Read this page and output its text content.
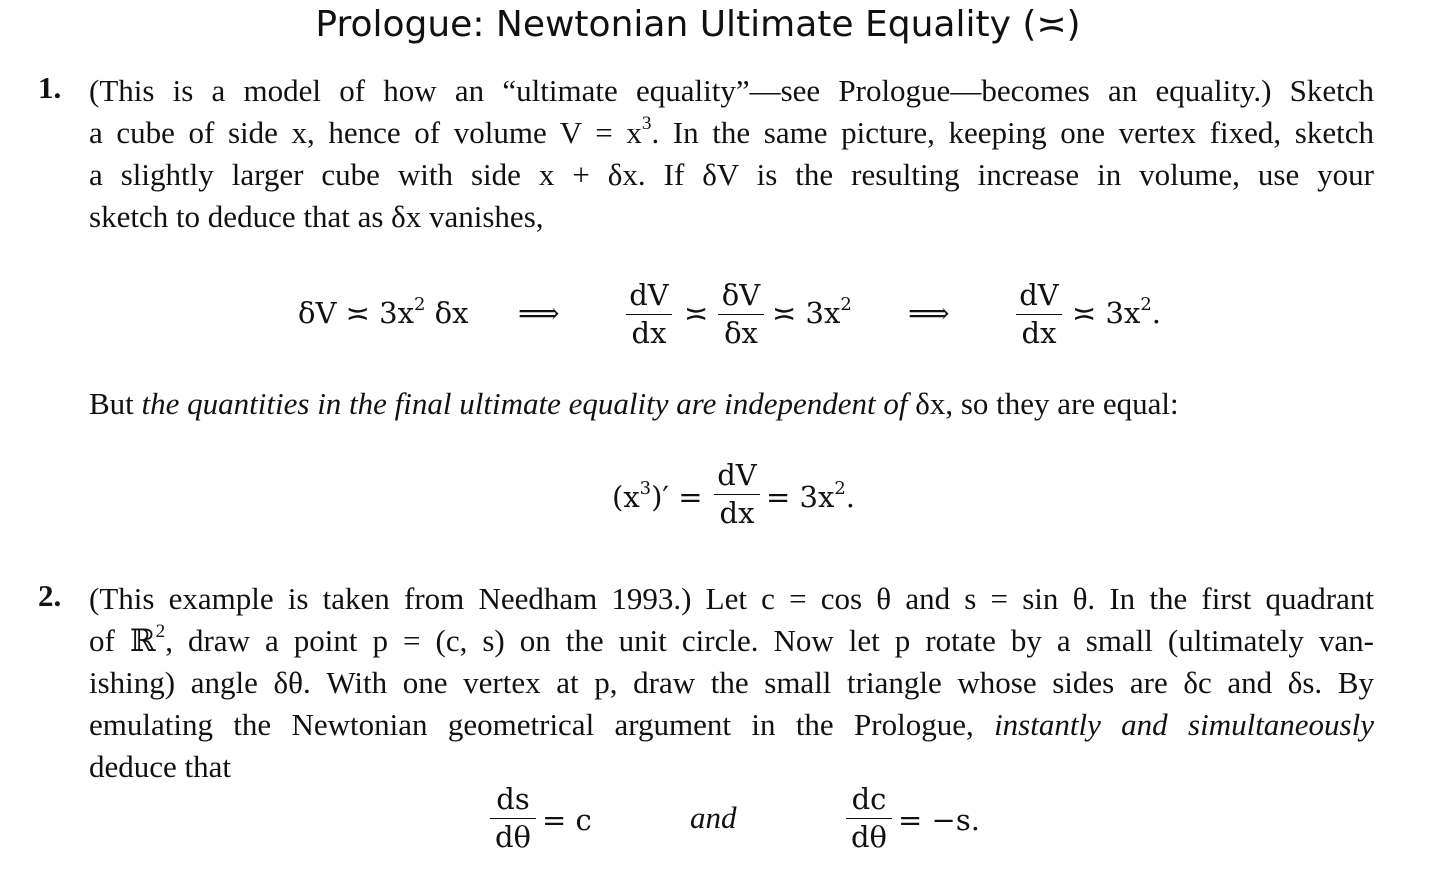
Prologue: Newtonian Ultimate Equality (≍)
1. (This is a model of how an “ultimate equality”—see Prologue—becomes an equality.) Sketch
a cube of side x, hence of volume $V = x^3$. In the same picture, keeping one vertex fixed, sketch
a slightly larger cube with side x + δx. If δV is the resulting increase in volume, use your
sketch to deduce that as δx vanishes,
δV ≍ $3x^2$ δx ⟹
dV
dx
≍
δV
δx
≍ $3x^2$ ⟹
dV
dx
≍ $3x^2$.
But the quantities in the final ultimate equality are independent of δx, so they are equal:
$(x^3)'$ =
dV
dx = $3x^2$.
2. (This example is taken from Needham 1993.) Let c = cos θ and s = sin θ. In the first quadrant
of ℝ$^2$, draw a point p = (c, s) on the unit circle. Now let p rotate by a small (ultimately van-
ishing) angle δθ. With one vertex at p, draw the small triangle whose sides are δc and δs. By
emulating the Newtonian geometrical argument in the Prologue, instantly and simultaneously
deduce that
ds
dθ = c	and
dc
dθ = −s.
